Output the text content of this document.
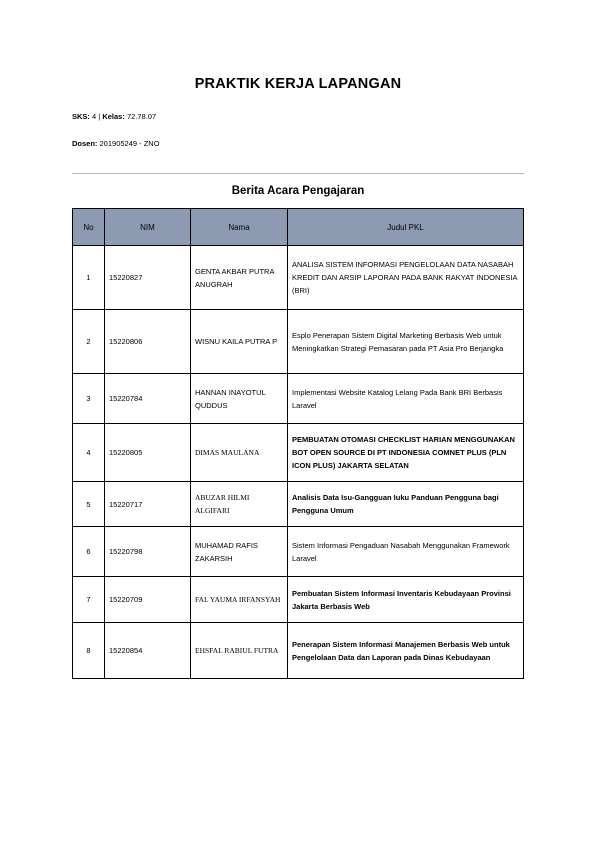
PRAKTIK KERJA LAPANGAN
SKS: 4 | Kelas: 72.78.07
Dosen: 201905249 - ZNO
Berita Acara Pengajaran
No	NIM	Nama	Judul PKL
1	15220827	GENTA AKBAR PUTRA ANUGRAH	ANALISA SISTEM INFORMASI PENGELOLAAN DATA NASABAH KREDIT DAN ARSIP LAPORAN PADA BANK RAKYAT INDONESIA (BRI)
2	15220806	WISNU KAILA PUTRA P	Esplo Penerapan Sistem Digital Marketing Berbasis Web untuk Meningkatkan Strategi Pemasaran pada PT Asia Pro Berjangka
3	15220784	HANNAN INAYOTUL QUDDUS	Implementasi Website Katalog Lelang Pada Bank BRI Berbasis Laravel
4	15220805	DIMAS MAULANA	PEMBUATAN OTOMASI CHECKLIST HARIAN MENGGUNAKAN BOT OPEN SOURCE DI PT INDONESIA COMNET PLUS (PLN ICON PLUS) JAKARTA SELATAN
5	15220717	ABUZAR HILMI ALGIFARI	Analisis Data Isu-Gangguan Iuku Panduan Pengguna bagi Pengguna Umum
6	15220798	MUHAMAD RAFIS ZAKARSIH	Sistem Informasi Pengaduan Nasabah Menggunakan Framework Laravel
7	15220709	FAL YAUMA IRFANSYAH	Pembuatan Sistem Informasi Inventaris Kebudayaan Provinsi Jakarta Berbasis Web
8	15220854	EHSFAL RABIUL FUTRA	Penerapan Sistem Informasi Manajemen Berbasis Web untuk Pengelolaan Data dan Laporan pada Dinas Kebudayaan
